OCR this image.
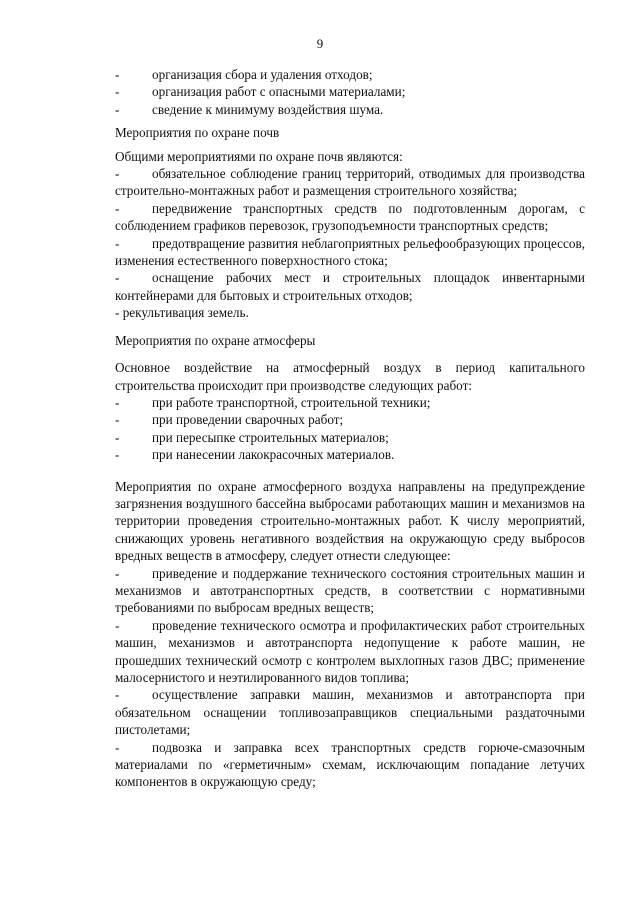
9

- организация сбора и удаления отходов;

- организация работ с опасными материалами;

- сведение к минимуму воздействия шума.

Мероприятия по охране почв

Общими мероприятиями по охране почв являются:

- обязательное соблюдение границ территорий, отводимых для производства строительно-монтажных работ и размещения строительного хозяйства;

- передвижение транспортных средств по подготовленным дорогам, с соблюдением графиков перевозок, грузоподъемности транспортных средств;

- предотвращение развития неблагоприятных рельефообразующих процессов, изменения естественного поверхностного стока;

- оснащение рабочих мест и строительных площадок инвентарными контейнерами для бытовых и строительных отходов;

- рекультивация земель.

Мероприятия по охране атмосферы

Основное воздействие на атмосферный воздух в период капитального строительства происходит при производстве следующих работ:

- при работе транспортной, строительной техники;

- при проведении сварочных работ;

- при пересыпке строительных материалов;

- при нанесении лакокрасочных материалов.

Мероприятия по охране атмосферного воздуха направлены на предупреждение загрязнения воздушного бассейна выбросами работающих машин и механизмов на территории проведения строительно-монтажных работ. К числу мероприятий, снижающих уровень негативного воздействия на окружающую среду выбросов вредных веществ в атмосферу, следует отнести следующее:

- приведение и поддержание технического состояния строительных машин и механизмов и автотранспортных средств, в соответствии с нормативными требованиями по выбросам вредных веществ;

- проведение технического осмотра и профилактических работ строительных машин, механизмов и автотранспорта недопущение к работе машин, не прошедших технический осмотр с контролем выхлопных газов ДВС; применение малосернистого и неэтилированного видов топлива;

- осуществление заправки машин, механизмов и автотранспорта при обязательном оснащении топливозаправщиков специальными раздаточными пистолетами;

- подвозка и заправка всех транспортных средств горюче-смазочным материалами по «герметичным» схемам, исключающим попадание летучих компонентов в окружающую среду;
